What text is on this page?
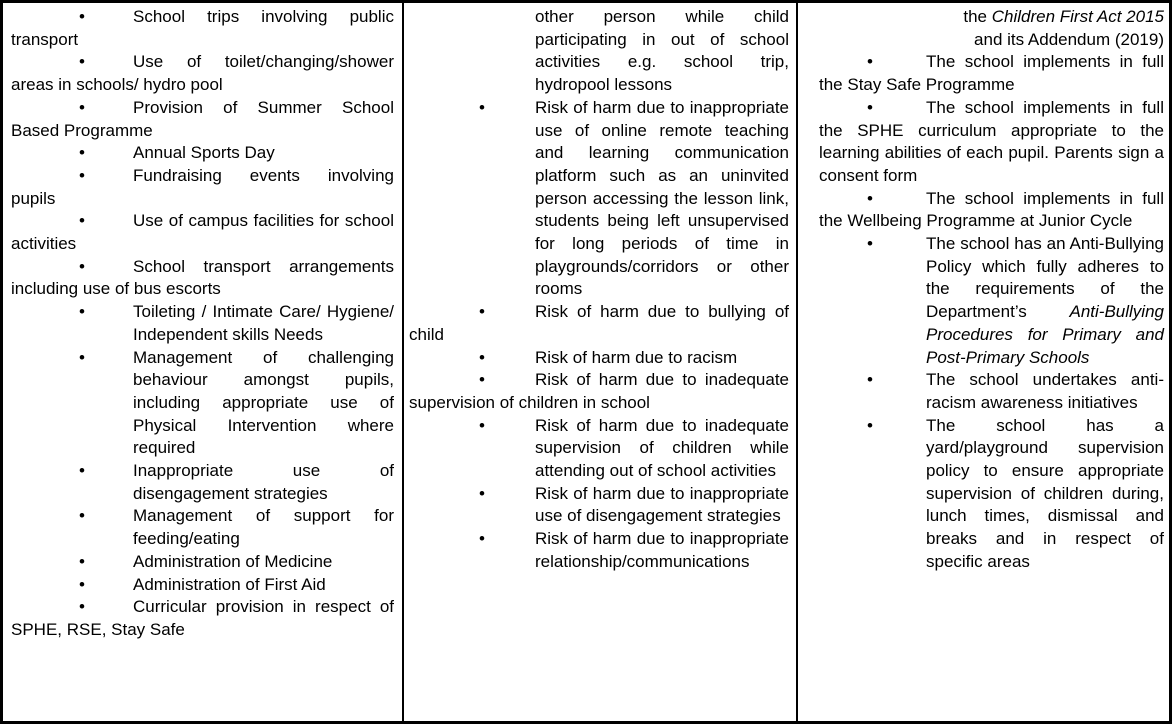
•	School trips involving public transport
•	Use of toilet/changing/shower areas in schools/ hydro pool
•	Provision of Summer School Based Programme
•	Annual Sports Day
•	Fundraising events involving pupils
•	Use of campus facilities for school activities
•	School transport arrangements including use of bus escorts
•	Toileting / Intimate Care/ Hygiene/ Independent skills Needs
•	Management of challenging behaviour amongst pupils, including appropriate use of Physical Intervention where required
•	Inappropriate use of disengagement strategies
•	Management of support for feeding/eating
•	Administration of Medicine
•	Administration of First Aid
•	Curricular provision in respect of SPHE, RSE, Stay Safe
other person while child participating in out of school activities e.g. school trip, hydropool lessons
•	Risk of harm due to inappropriate use of online remote teaching and learning communication platform such as an uninvited person accessing the lesson link, students being left unsupervised for long periods of time in playgrounds/corridors or other rooms
•	Risk of harm due to bullying of child
•	Risk of harm due to racism
•	Risk of harm due to inadequate supervision of children in school
•	Risk of harm due to inadequate supervision of children while attending out of school activities
•	Risk of harm due to inappropriate use of disengagement strategies
•	Risk of harm due to inappropriate relationship/communications
the Children First Act 2015
and its Addendum (2019)
•	The school implements in full the Stay Safe Programme
•	The school implements in full the SPHE curriculum appropriate to the learning abilities of each pupil. Parents sign a consent form
•	The school implements in full the Wellbeing Programme at Junior Cycle
•	The school has an Anti-Bullying Policy which fully adheres to the requirements of the Department’s Anti-Bullying Procedures for Primary and Post-Primary Schools
•	The school undertakes anti-racism awareness initiatives
•	The school has a yard/playground supervision policy to ensure appropriate supervision of children during, lunch times, dismissal and breaks and in respect of specific areas
